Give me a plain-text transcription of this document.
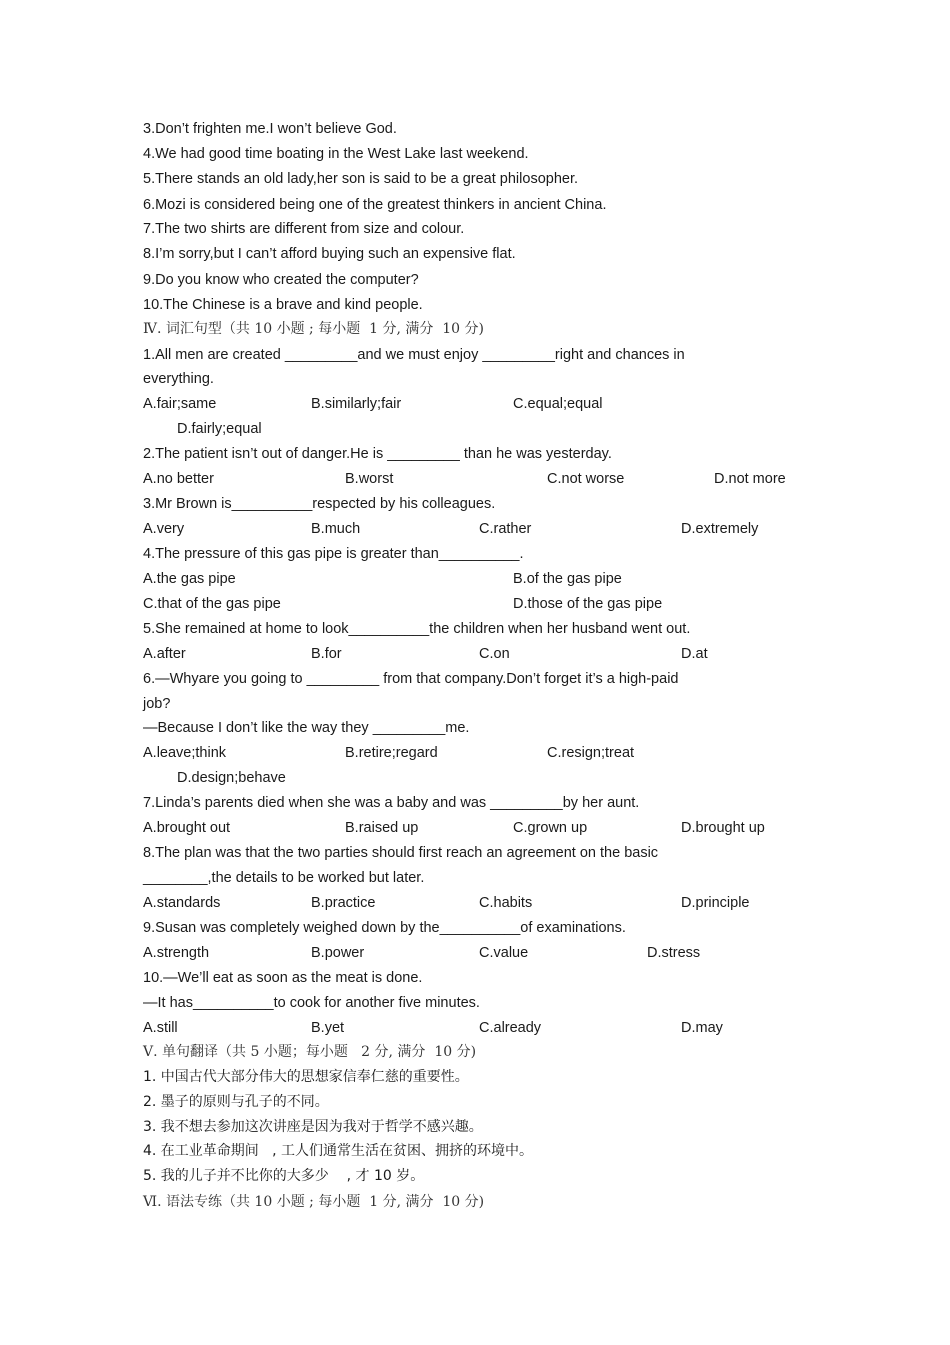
3.Don’t frighten me.I won’t believe God.
4.We had good time boating in the West Lake last weekend.
5.There stands an old lady,her son is said to be a great philosopher.
6.Mozi is considered being one of the greatest thinkers in ancient China.
7.The two shirts are different from size and colour.
8.I’m sorry,but I can’t afford buying such an expensive flat.
9.Do you know who created the computer?
10.The Chinese is a brave and kind people.
Ⅳ. 词汇句型（共 10 小题 ; 每小题  1 分, 满分  10 分)
1.All men are created _________and we must enjoy _________right and chances in
everything.
A.fair;same	B.similarly;fair	C.equal;equal
D.fairly;equal
2.The patient isn’t out of danger.He is _________ than he was yesterday.
A.no better	B.worst	C.not worse	D.not more
3.Mr Brown is__________respected by his colleagues.
A.very	B.much	C.rather	D.extremely
4.The pressure of this gas pipe is greater than__________.
A.the gas pipe	B.of the gas pipe
C.that of the gas pipe	D.those of the gas pipe
5.She remained at home to look__________the children when her husband went out.
A.after	B.for	C.on	D.at
6.—Whyare you going to _________ from that company.Don’t forget it’s a high-paid
job?
—Because I don’t like the way they _________me.
A.leave;think	B.retire;regard	C.resign;treat
D.design;behave
7.Linda’s parents died when she was a baby and was _________by her aunt.
A.brought out	B.raised up	C.grown up	D.brought up
8.The plan was that the two parties should first reach an agreement on the basic
________,the details to be worked but later.
A.standards	B.practice	C.habits	D.principle
9.Susan was completely weighed down by the__________of examinations.
A.strength	B.power	C.value	D.stress
10.—We’ll eat as soon as the meat is done.
—It has__________to cook for another five minutes.
A.still	B.yet	C.already	D.may
Ⅴ. 单句翻译（共 5 小题；每小题   2 分, 满分  10 分)
1. 中国古代大部分伟大的思想家信奉仁慈的重要性。
2. 墨子的原则与孔子的不同。
3. 我不想去参加这次讲座是因为我对于哲学不感兴趣。
4. 在工业革命期间   , 工人们通常生活在贫困、拥挤的环境中。
5. 我的儿子并不比你的大多少    , 才 10 岁。
Ⅵ. 语法专练（共 10 小题 ; 每小题  1 分, 满分  10 分)
